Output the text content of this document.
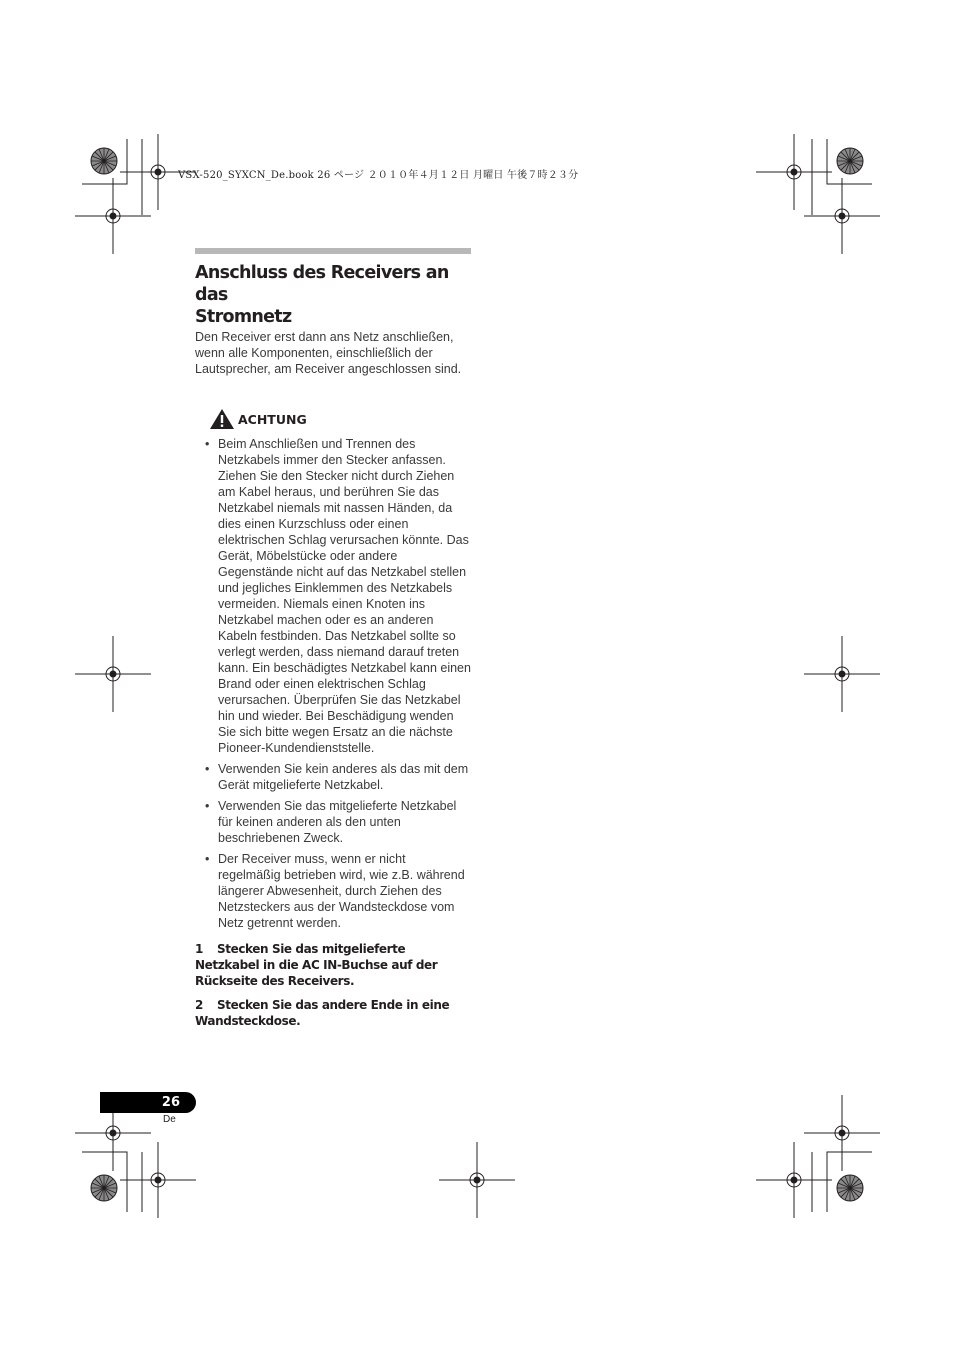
VSX-520_SYXCN_De.book 26 ページ ２０１０年４月１２日 月曜日 午後７時２３分
Anschluss des Receivers an das
Stromnetz

Den Receiver erst dann ans Netz anschließen, wenn alle Komponenten, einschließlich der Lautsprecher, am Receiver angeschlossen sind.

ACHTUNG
• Beim Anschließen und Trennen des Netzkabels immer den Stecker anfassen. Ziehen Sie den Stecker nicht durch Ziehen am Kabel heraus, und berühren Sie das Netzkabel niemals mit nassen Händen, da dies einen Kurzschluss oder einen elektrischen Schlag verursachen könnte. Das Gerät, Möbelstücke oder andere Gegenstände nicht auf das Netzkabel stellen und jegliches Einklemmen des Netzkabels vermeiden. Niemals einen Knoten ins Netzkabel machen oder es an anderen Kabeln festbinden. Das Netzkabel sollte so verlegt werden, dass niemand darauf treten kann. Ein beschädigtes Netzkabel kann einen Brand oder einen elektrischen Schlag verursachen. Überprüfen Sie das Netzkabel hin und wieder. Bei Beschädigung wenden Sie sich bitte wegen Ersatz an die nächste Pioneer-Kundendienststelle.
• Verwenden Sie kein anderes als das mit dem Gerät mitgelieferte Netzkabel.
• Verwenden Sie das mitgelieferte Netzkabel für keinen anderen als den unten beschriebenen Zweck.
• Der Receiver muss, wenn er nicht regelmäßig betrieben wird, wie z.B. während längerer Abwesenheit, durch Ziehen des Netzsteckers aus der Wandsteckdose vom Netz getrennt werden.

1 Stecken Sie das mitgelieferte Netzkabel in die AC IN-Buchse auf der Rückseite des Receivers.

2 Stecken Sie das andere Ende in eine Wandsteckdose.

26
De
